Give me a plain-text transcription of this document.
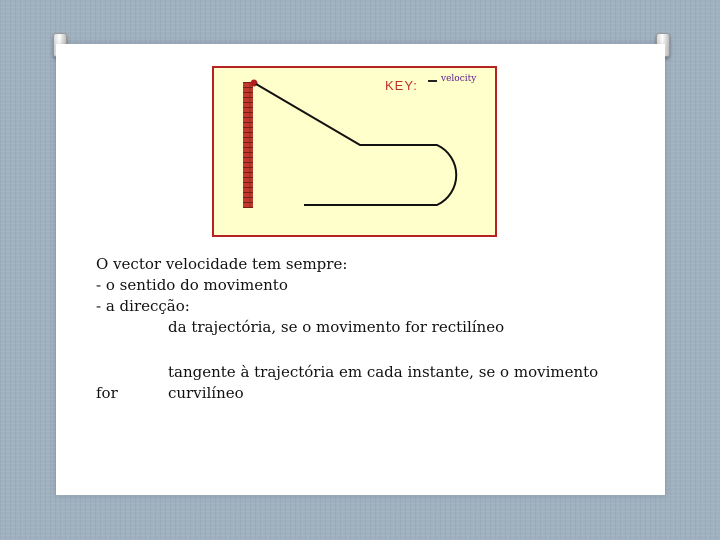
KEY:	velocity
O vector velocidade tem sempre:
- o sentido do movimento
- a direcção:
da trajectória, se o movimento for rectilíneo
tangente à trajectória em cada instante, se o movimento
for	curvilíneo
